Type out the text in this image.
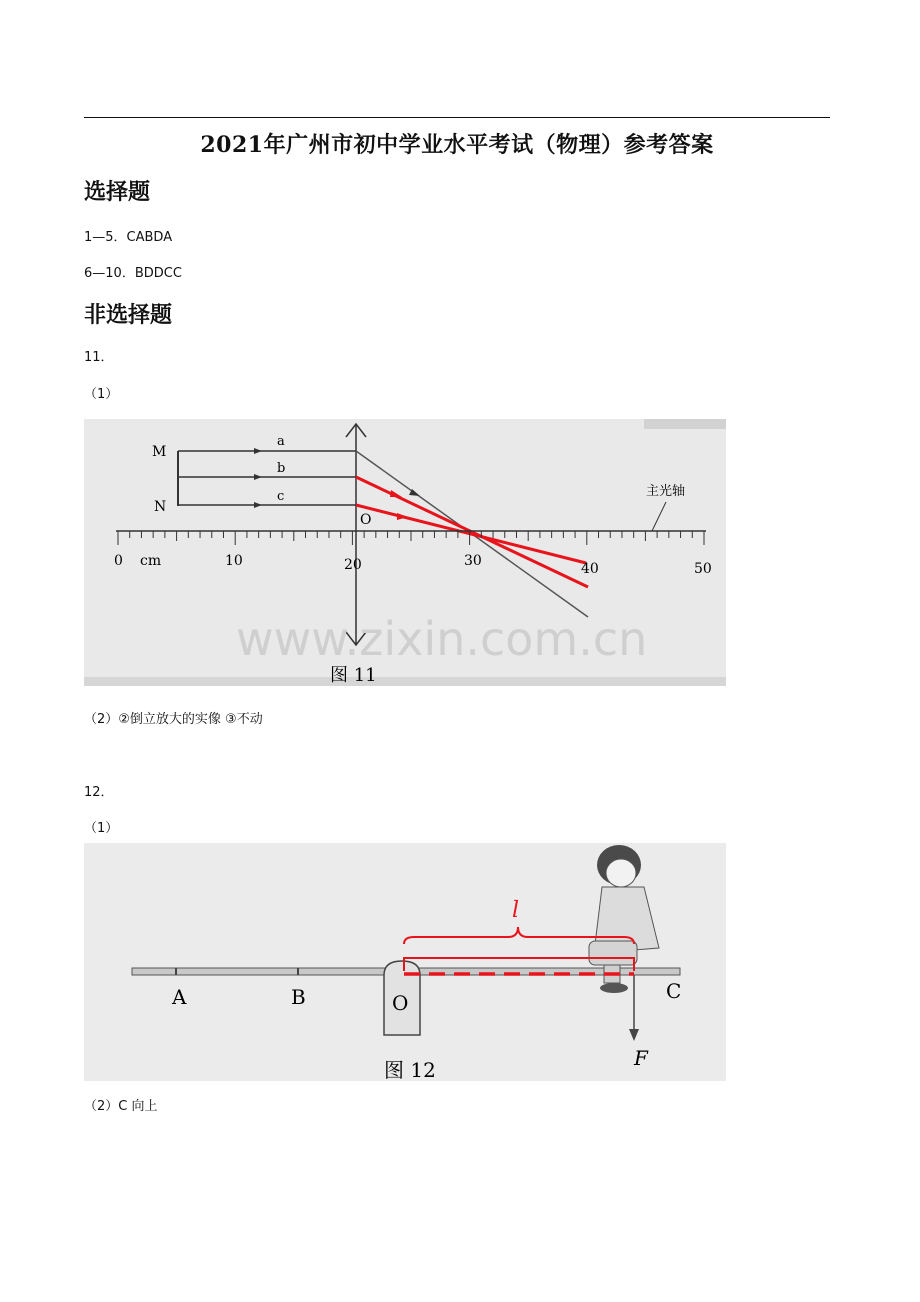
2021年广州市初中学业水平考试（物理）参考答案
选择题
1—5．CABDA
6—10．BDDCC
非选择题
11．
（1）
M
N
a
b
c
O
0 cm	10	20	30	40	50
主光轴
www.zixin.com.cn
图 11
（2）②倒立放大的实像 ③不动
12．
（1）
A	B	C
O
F
l
图 12
（2）C 向上
